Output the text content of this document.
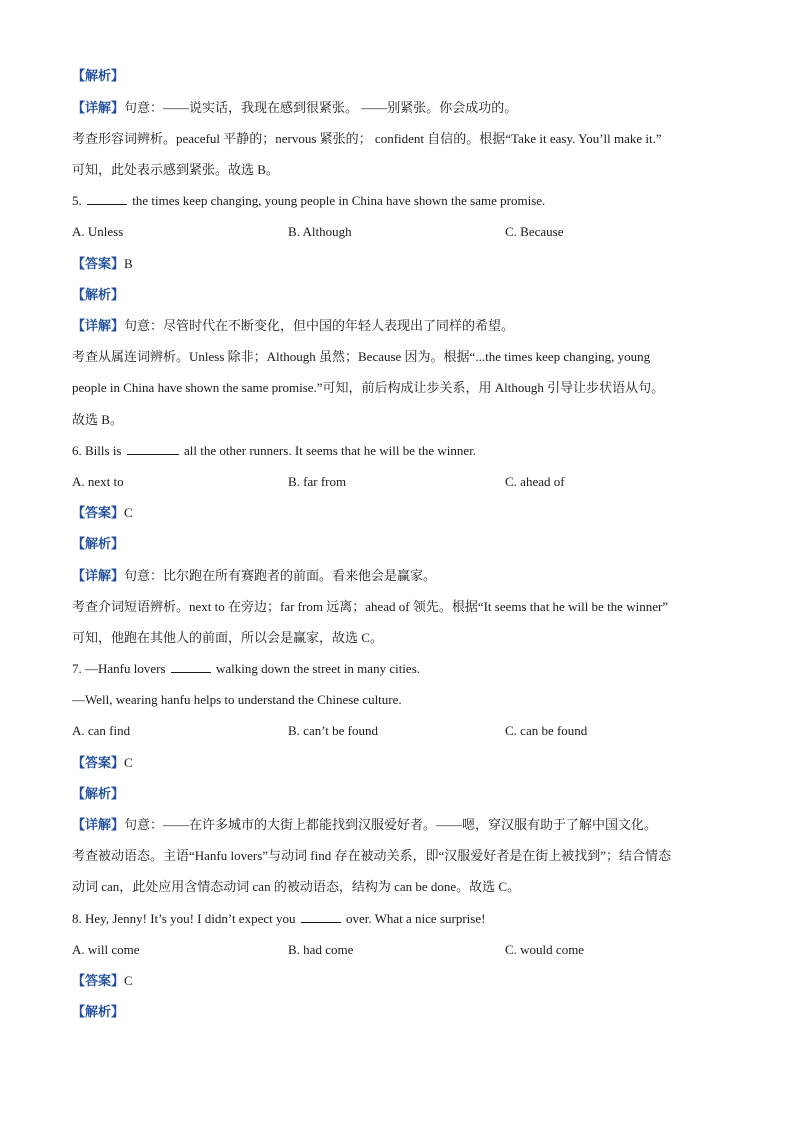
【解析】
【详解】句意：——说实话，我现在感到很紧张。 ——别紧张。你会成功的。
考查形容词辨析。peaceful 平静的；nervous 紧张的； confident 自信的。根据“Take it easy. You’ll make it.”
可知，此处表示感到紧张。故选 B。
5.	the times keep changing, young people in China have shown the same promise.
A. Unless	B. Although	C. Because
【答案】B
【解析】
【详解】句意：尽管时代在不断变化，但中国的年轻人表现出了同样的希望。
考查从属连词辨析。Unless 除非；Although 虽然；Because 因为。根据“...the times keep changing, young
people in China have shown the same promise.”可知，前后构成让步关系，用 Although 引导让步状语从句。
故选 B。
6. Bills is	all the other runners. It seems that he will be the winner.
A. next to	B. far from	C. ahead of
【答案】C
【解析】
【详解】句意：比尔跑在所有赛跑者的前面。看来他会是赢家。
考查介词短语辨析。next to 在旁边；far from 远离；ahead of 领先。根据“It seems that he will be the winner”
可知，他跑在其他人的前面，所以会是赢家，故选 C。
7. —Hanfu lovers	walking down the street in many cities.
—Well, wearing hanfu helps to understand the Chinese culture.
A. can find	B. can’t be found	C. can be found
【答案】C
【解析】
【详解】句意：——在许多城市的大街上都能找到汉服爱好者。——嗯，穿汉服有助于了解中国文化。
考查被动语态。主语“Hanfu lovers”与动词 find 存在被动关系，即“汉服爱好者是在街上被找到”；结合情态
动词 can，此处应用含情态动词 can 的被动语态，结构为 can be done。故选 C。
8. Hey, Jenny! It’s you! I didn’t expect you	over. What a nice surprise!
A. will come	B. had come	C. would come
【答案】C
【解析】
